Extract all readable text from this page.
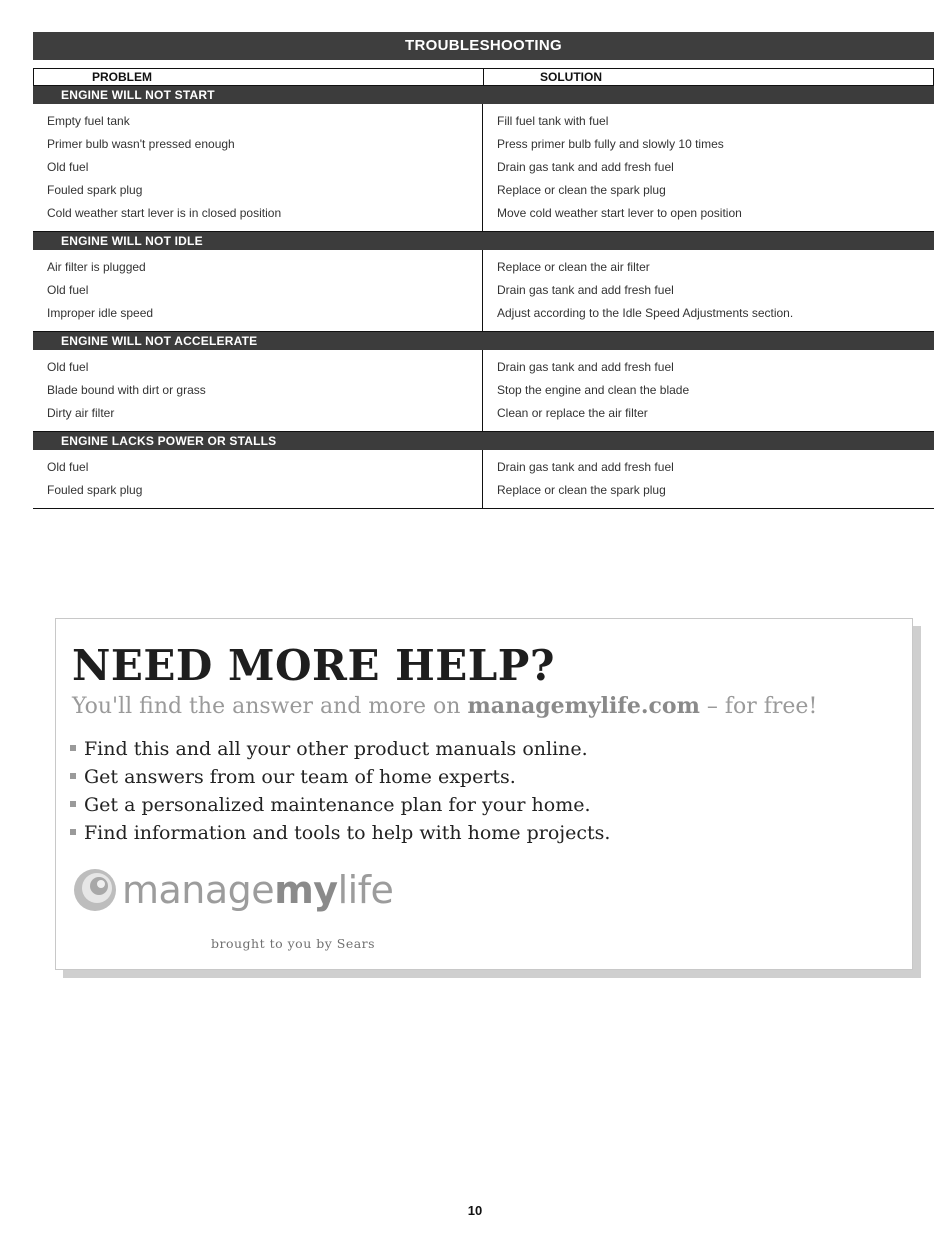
TROUBLESHOOTING
PROBLEM	SOLUTION
ENGINE WILL NOT START
Empty fuel tank
Primer bulb wasn't pressed enough
Old fuel
Fouled spark plug
Cold weather start lever is in closed position
Fill fuel tank with fuel
Press primer bulb fully and slowly 10 times
Drain gas tank and add fresh fuel
Replace or clean the spark plug
Move cold weather start lever to open position
ENGINE WILL NOT IDLE
Air filter is plugged
Old fuel
Improper idle speed
Replace or clean the air filter
Drain gas tank and add fresh fuel
Adjust according to the Idle Speed Adjustments section.
ENGINE WILL NOT ACCELERATE
Old fuel
Blade bound with dirt or grass
Dirty air filter
Drain gas tank and add fresh fuel
Stop the engine and clean the blade
Clean or replace the air filter
ENGINE LACKS POWER OR STALLS
Old fuel
Fouled spark plug
Drain gas tank and add fresh fuel
Replace or clean the spark plug
NEED MORE HELP?
You'll find the answer and more on managemylife.com – for free!
Find this and all your other product manuals online.
Get answers from our team of home experts.
Get a personalized maintenance plan for your home.
Find information and tools to help with home projects.
managemylife
brought to you by Sears
10
